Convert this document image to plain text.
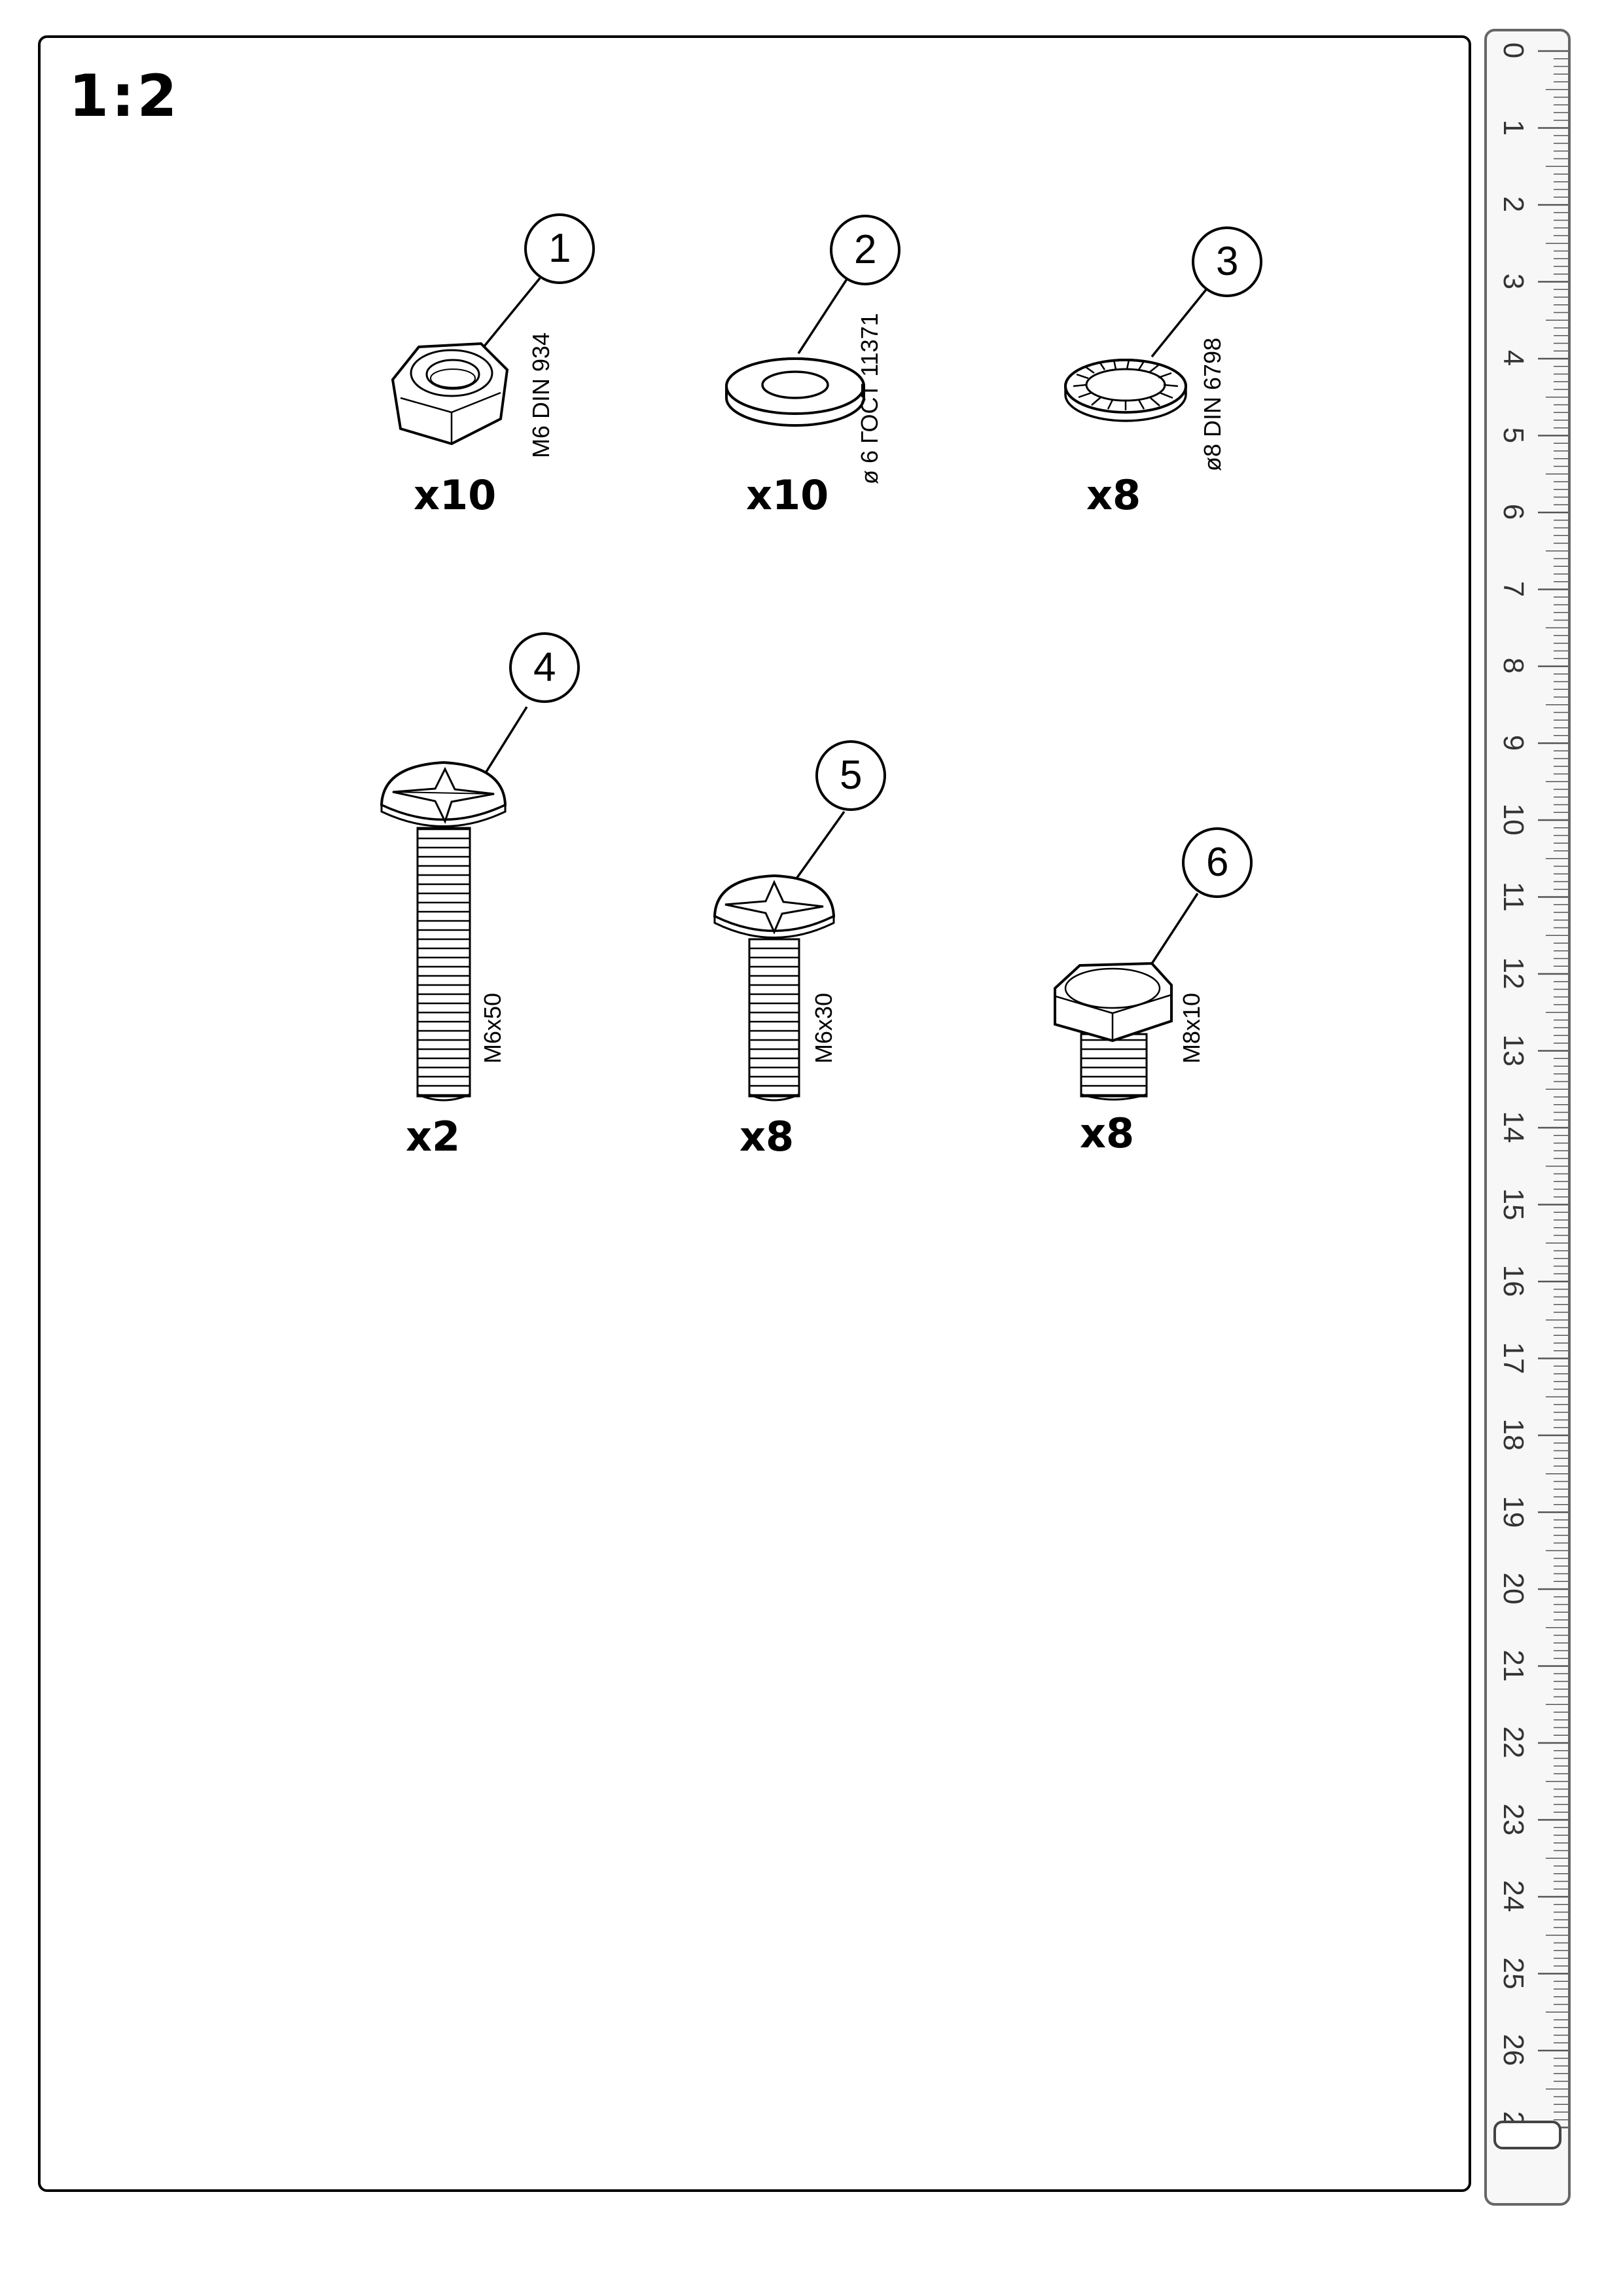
1:2
1	2	3
4
5
6
M6 DIN 934	ø 6 ГОСТ 11371	ø8 DIN 6798
M6x50	M6x30	M8x10
x10	x10	x8
x2	x8	x8
0
1
2
3
4
5
6
7
8
9
10
11
12
13
14
15
16
17
18
19
20
21
22
23
24
25
26
